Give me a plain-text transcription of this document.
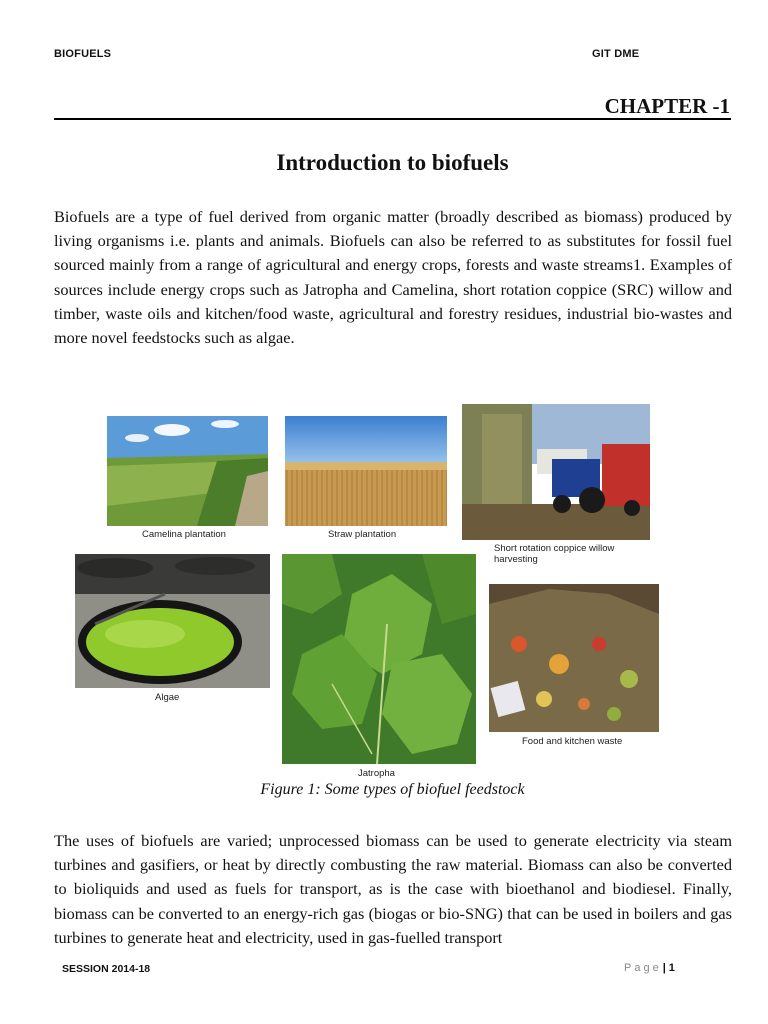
BIOFUELS	GIT DME
CHAPTER -1
Introduction to biofuels

Biofuels are a type of fuel derived from organic matter (broadly described as biomass) produced by living organisms i.e. plants and animals. Biofuels can also be referred to as substitutes for fossil fuel sourced mainly from a range of agricultural and energy crops, forests and waste streams1. Examples of sources include energy crops such as Jatropha and Camelina, short rotation coppice (SRC) willow and timber, waste oils and kitchen/food waste, agricultural and forestry residues, industrial bio-wastes and more novel feedstocks such as algae.

Camelina plantation	Straw plantation
Short rotation coppice willow harvesting
Algae
Jatropha
Food and kitchen waste
Figure 1: Some types of biofuel feedstock

The uses of biofuels are varied; unprocessed biomass can be used to generate electricity via steam turbines and gasifiers, or heat by directly combusting the raw material. Biomass can also be converted to bioliquids and used as fuels for transport, as is the case with bioethanol and biodiesel. Finally, biomass can be converted to an energy-rich gas (biogas or bio-SNG) that can be used in boilers and gas turbines to generate heat and electricity, used in gas-fuelled transport

SESSION 2014-18	Page| 1
